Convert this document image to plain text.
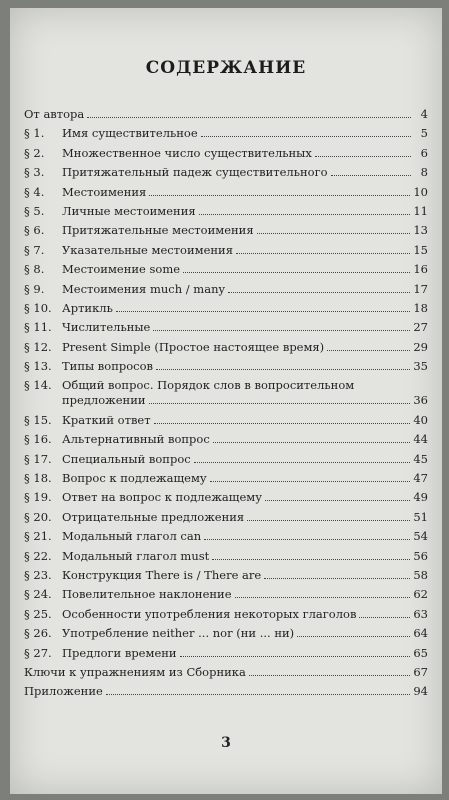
СОДЕРЖАНИЕ
От автора	4
§ 1.	Имя существительное	5
§ 2.	Множественное число существительных	6
§ 3.	Притяжательный падеж существительного	8
§ 4.	Местоимения	10
§ 5.	Личные местоимения	11
§ 6.	Притяжательные местоимения	13
§ 7.	Указательные местоимения	15
§ 8.	Местоимение some	16
§ 9.	Местоимения much / many	17
§ 10. Артикль	18
§ 11. Числительные	27
§ 12. Present Simple (Простое настоящее время)	29
§ 13. Типы вопросов	35
§ 14. Общий вопрос. Порядок слов в вопросительном
предложении	36
§ 15. Краткий ответ	40
§ 16. Альтернативный вопрос	44
§ 17. Специальный вопрос	45
§ 18. Вопрос к подлежащему	47
§ 19. Ответ на вопрос к подлежащему	49
§ 20. Отрицательные предложения	51
§ 21. Модальный глагол can	54
§ 22. Модальный глагол must	56
§ 23. Конструкция There is / There are	58
§ 24. Повелительное наклонение	62
§ 25. Особенности употребления некоторых глаголов	63
§ 26. Употребление neither ... nor (ни ... ни)	64
§ 27. Предлоги времени	65
Ключи к упражнениям из Сборника	67
Приложение	94
3
